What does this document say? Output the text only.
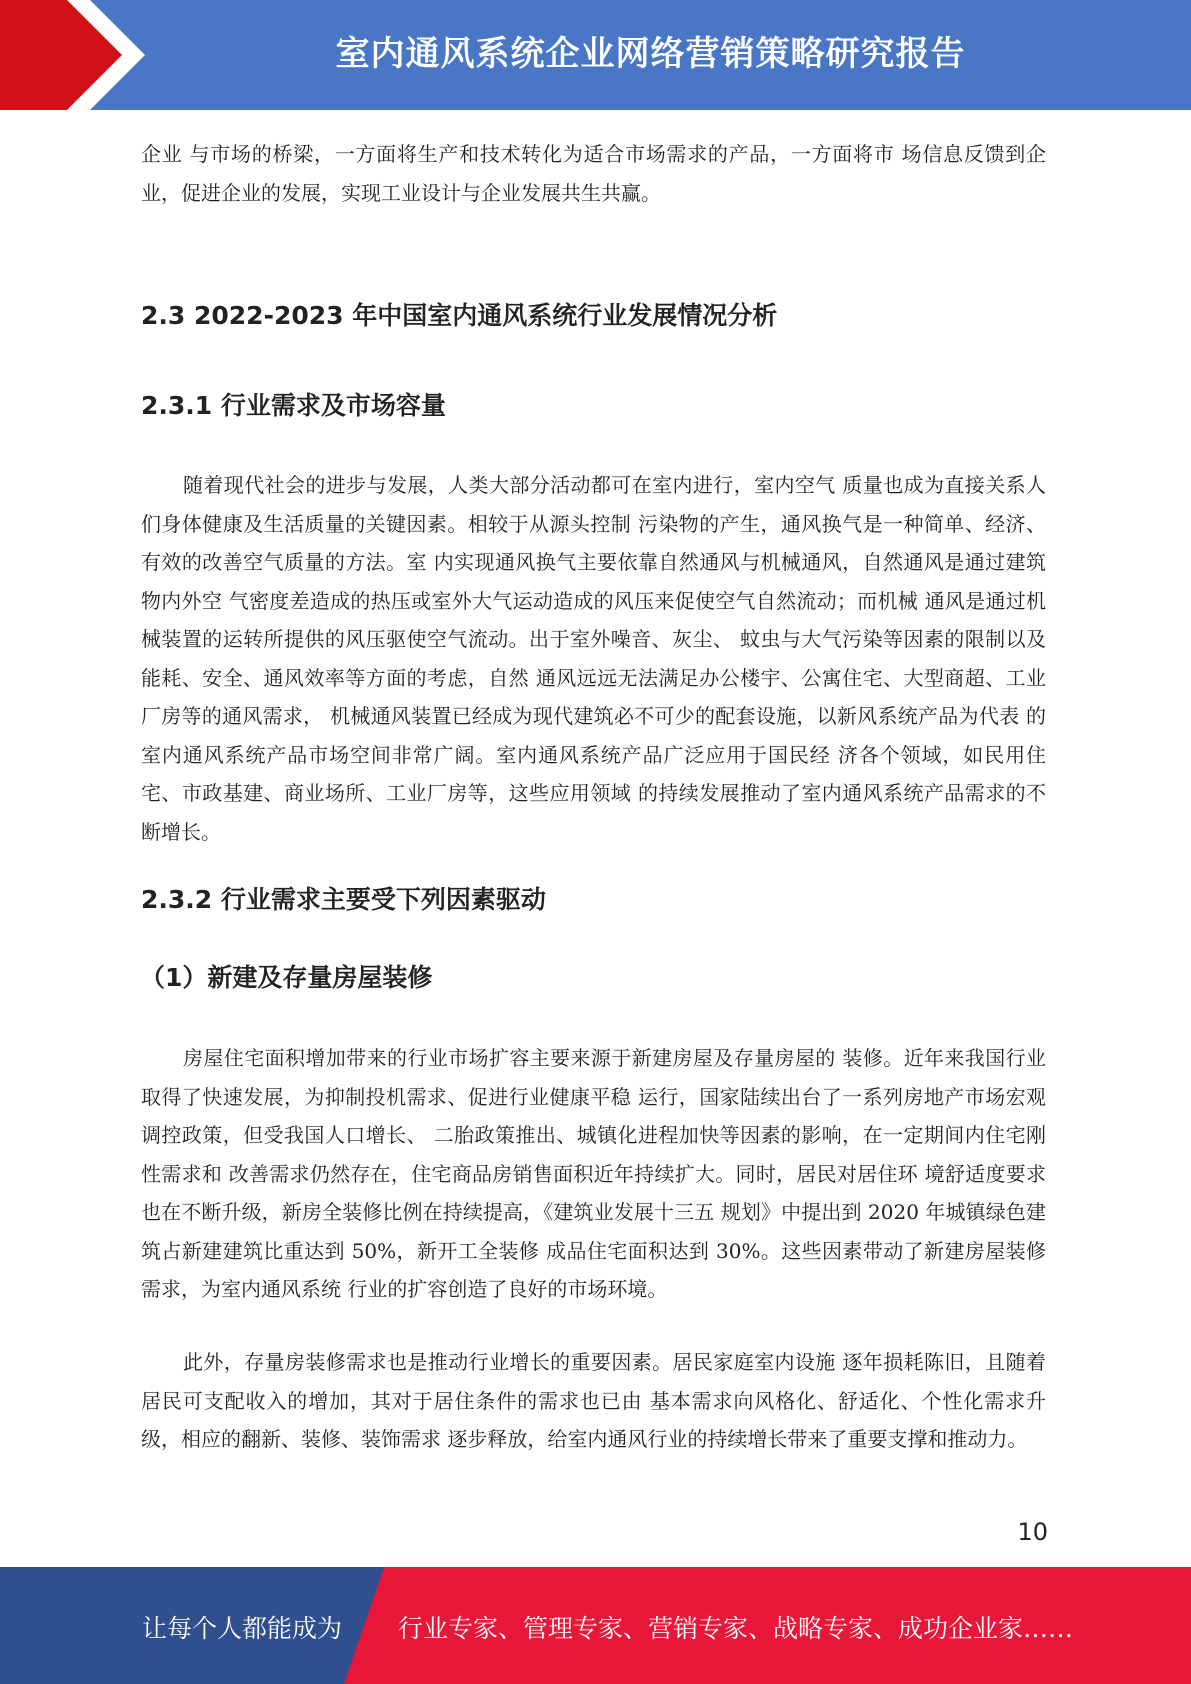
室内通风系统企业网络营销策略研究报告

企业 与市场的桥梁，一方面将生产和技术转化为适合市场需求的产品，一方面将市 场信息反馈到企业，促进企业的发展，实现工业设计与企业发展共生共赢。

2.3 2022-2023 年中国室内通风系统行业发展情况分析
2.3.1 行业需求及市场容量

随着现代社会的进步与发展，人类大部分活动都可在室内进行，室内空气 质量也成为直接关系人们身体健康及生活质量的关键因素。相较于从源头控制 污染物的产生，通风换气是一种简单、经济、有效的改善空气质量的方法。室 内实现通风换气主要依靠自然通风与机械通风，自然通风是通过建筑物内外空 气密度差造成的热压或室外大气运动造成的风压来促使空气自然流动；而机械 通风是通过机械装置的运转所提供的风压驱使空气流动。出于室外噪音、灰尘、 蚊虫与大气污染等因素的限制以及能耗、安全、通风效率等方面的考虑，自然 通风远远无法满足办公楼宇、公寓住宅、大型商超、工业厂房等的通风需求， 机械通风装置已经成为现代建筑必不可少的配套设施，以新风系统产品为代表 的室内通风系统产品市场空间非常广阔。室内通风系统产品广泛应用于国民经 济各个领域，如民用住宅、市政基建、商业场所、工业厂房等，这些应用领域 的持续发展推动了室内通风系统产品需求的不断增长。

2.3.2 行业需求主要受下列因素驱动
（1）新建及存量房屋装修

房屋住宅面积增加带来的行业市场扩容主要来源于新建房屋及存量房屋的 装修。近年来我国行业取得了快速发展，为抑制投机需求、促进行业健康平稳 运行，国家陆续出台了一系列房地产市场宏观调控政策，但受我国人口增长、 二胎政策推出、城镇化进程加快等因素的影响，在一定期间内住宅刚性需求和 改善需求仍然存在，住宅商品房销售面积近年持续扩大。同时，居民对居住环 境舒适度要求也在不断升级，新房全装修比例在持续提高，《建筑业发展十三五 规划》中提出到 2020 年城镇绿色建筑占新建建筑比重达到 50%，新开工全装修 成品住宅面积达到 30%。这些因素带动了新建房屋装修需求，为室内通风系统 行业的扩容创造了良好的市场环境。

此外，存量房装修需求也是推动行业增长的重要因素。居民家庭室内设施 逐年损耗陈旧，且随着居民可支配收入的增加，其对于居住条件的需求也已由 基本需求向风格化、舒适化、个性化需求升级，相应的翻新、装修、装饰需求 逐步释放，给室内通风行业的持续增长带来了重要支撑和推动力。

10
让每个人都能成为 行业专家、管理专家、营销专家、战略专家、成功企业家……
